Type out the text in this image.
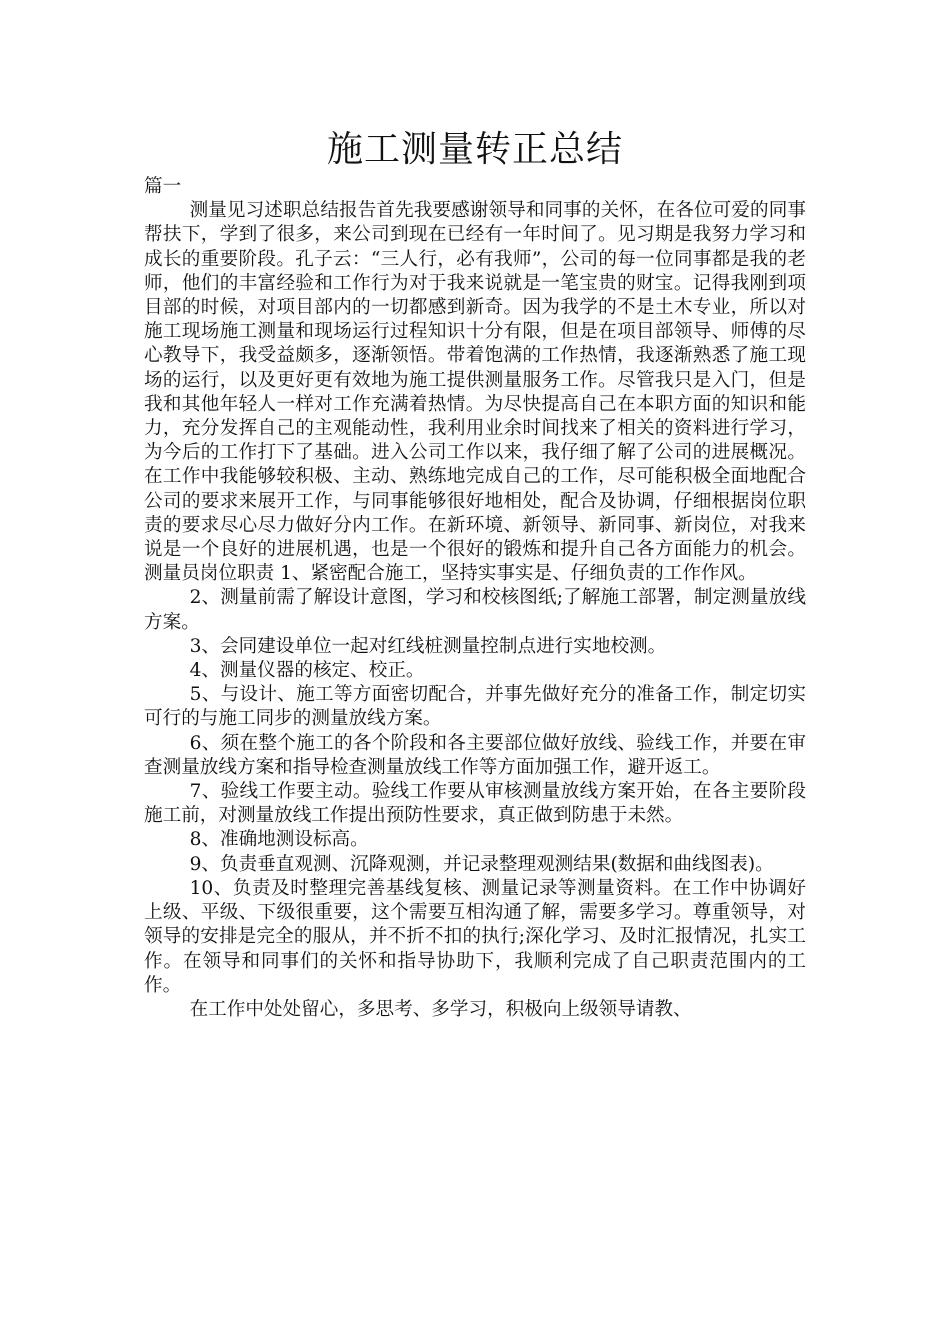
施工测量转正总结

篇一

测量见习述职总结报告首先我要感谢领导和同事的关怀，在各位可爱的同事帮扶下，学到了很多，来公司到现在已经有一年时间了。见习期是我努力学习和成长的重要阶段。孔子云：“三人行，必有我师”，公司的每一位同事都是我的老师，他们的丰富经验和工作行为对于我来说就是一笔宝贵的财宝。记得我刚到项目部的时候，对项目部内的一切都感到新奇。因为我学的不是土木专业，所以对施工现场施工测量和现场运行过程知识十分有限，但是在项目部领导、师傅的尽心教导下，我受益颇多，逐渐领悟。带着饱满的工作热情，我逐渐熟悉了施工现场的运行，以及更好更有效地为施工提供测量服务工作。尽管我只是入门，但是我和其他年轻人一样对工作充满着热情。为尽快提高自己在本职方面的知识和能力，充分发挥自己的主观能动性，我利用业余时间找来了相关的资料进行学习，为今后的工作打下了基础。进入公司工作以来，我仔细了解了公司的进展概况。在工作中我能够较积极、主动、熟练地完成自己的工作，尽可能积极全面地配合公司的要求来展开工作，与同事能够很好地相处，配合及协调，仔细根据岗位职责的要求尽心尽力做好分内工作。在新环境、新领导、新同事、新岗位，对我来说是一个良好的进展机遇，也是一个很好的锻炼和提升自己各方面能力的机会。测量员岗位职责 1、紧密配合施工，坚持实事实是、仔细负责的工作作风。

2、测量前需了解设计意图，学习和校核图纸;了解施工部署，制定测量放线方案。

3、会同建设单位一起对红线桩测量控制点进行实地校测。

4、测量仪器的核定、校正。

5、与设计、施工等方面密切配合，并事先做好充分的准备工作，制定切实可行的与施工同步的测量放线方案。

6、须在整个施工的各个阶段和各主要部位做好放线、验线工作，并要在审查测量放线方案和指导检查测量放线工作等方面加强工作，避开返工。

7、验线工作要主动。验线工作要从审核测量放线方案开始，在各主要阶段施工前，对测量放线工作提出预防性要求，真正做到防患于未然。

8、准确地测设标高。

9、负责垂直观测、沉降观测，并记录整理观测结果(数据和曲线图表)。

10、负责及时整理完善基线复核、测量记录等测量资料。在工作中协调好上级、平级、下级很重要，这个需要互相沟通了解，需要多学习。尊重领导，对领导的安排是完全的服从，并不折不扣的执行;深化学习、及时汇报情况，扎实工作。在领导和同事们的关怀和指导协助下，我顺利完成了自己职责范围内的工作。

在工作中处处留心，多思考、多学习，积极向上级领导请教、
